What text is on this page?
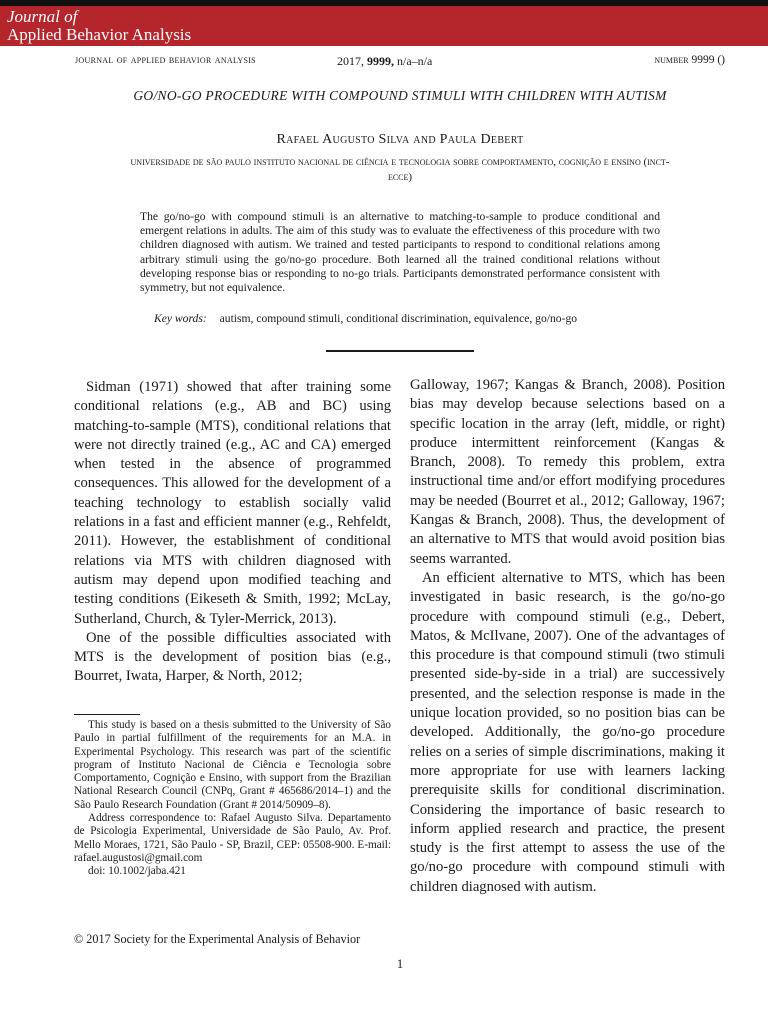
Journal of
Applied Behavior Analysis
journal of applied behavior analysis	2017, 9999, n/a–n/a	number 9999 ()
GO/NO-GO PROCEDURE WITH COMPOUND STIMULI WITH CHILDREN WITH AUTISM
Rafael Augusto Silva and Paula Debert
universidade de são paulo instituto nacional de ciência e tecnologia sobre comportamento, cognição e ensino (inct-ecce)
The go/no-go with compound stimuli is an alternative to matching-to-sample to produce conditional and emergent relations in adults. The aim of this study was to evaluate the effectiveness of this procedure with two children diagnosed with autism. We trained and tested participants to respond to conditional relations among arbitrary stimuli using the go/no-go procedure. Both learned all the trained conditional relations without developing response bias or responding to no-go trials. Participants demonstrated performance consistent with symmetry, but not equivalence.
Key words: autism, compound stimuli, conditional discrimination, equivalence, go/no-go

Sidman (1971) showed that after training some conditional relations (e.g., AB and BC) using matching-to-sample (MTS), conditional relations that were not directly trained (e.g., AC and CA) emerged when tested in the absence of programmed consequences. This allowed for the development of a teaching technology to establish socially valid relations in a fast and efficient manner (e.g., Rehfeldt, 2011). However, the establishment of conditional relations via MTS with children diagnosed with autism may depend upon modified teaching and testing conditions (Eikeseth & Smith, 1992; McLay, Sutherland, Church, & Tyler-Merrick, 2013).

One of the possible difficulties associated with MTS is the development of position bias (e.g., Bourret, Iwata, Harper, & North, 2012;

Galloway, 1967; Kangas & Branch, 2008). Position bias may develop because selections based on a specific location in the array (left, middle, or right) produce intermittent reinforcement (Kangas & Branch, 2008). To remedy this problem, extra instructional time and/or effort modifying procedures may be needed (Bourret et al., 2012; Galloway, 1967; Kangas & Branch, 2008). Thus, the development of an alternative to MTS that would avoid position bias seems warranted.

An efficient alternative to MTS, which has been investigated in basic research, is the go/no-go procedure with compound stimuli (e.g., Debert, Matos, & McIlvane, 2007). One of the advantages of this procedure is that compound stimuli (two stimuli presented side-by-side in a trial) are successively presented, and the selection response is made in the unique location provided, so no position bias can be developed. Additionally, the go/no-go procedure relies on a series of simple discriminations, making it more appropriate for use with learners lacking prerequisite skills for conditional discrimination. Considering the importance of basic research to inform applied research and practice, the present study is the first attempt to assess the use of the go/no-go procedure with compound stimuli with children diagnosed with autism.

This study is based on a thesis submitted to the University of São Paulo in partial fulfillment of the requirements for an M.A. in Experimental Psychology. This research was part of the scientific program of Instituto Nacional de Ciência e Tecnologia sobre Comportamento, Cognição e Ensino, with support from the Brazilian National Research Council (CNPq, Grant # 465686/2014–1) and the São Paulo Research Foundation (Grant # 2014/50909–8).

Address correspondence to: Rafael Augusto Silva. Departamento de Psicologia Experimental, Universidade de São Paulo, Av. Prof. Mello Moraes, 1721, São Paulo - SP, Brazil, CEP: 05508-900. E-mail: rafael.augustosi@gmail.com

doi: 10.1002/jaba.421

© 2017 Society for the Experimental Analysis of Behavior
1
